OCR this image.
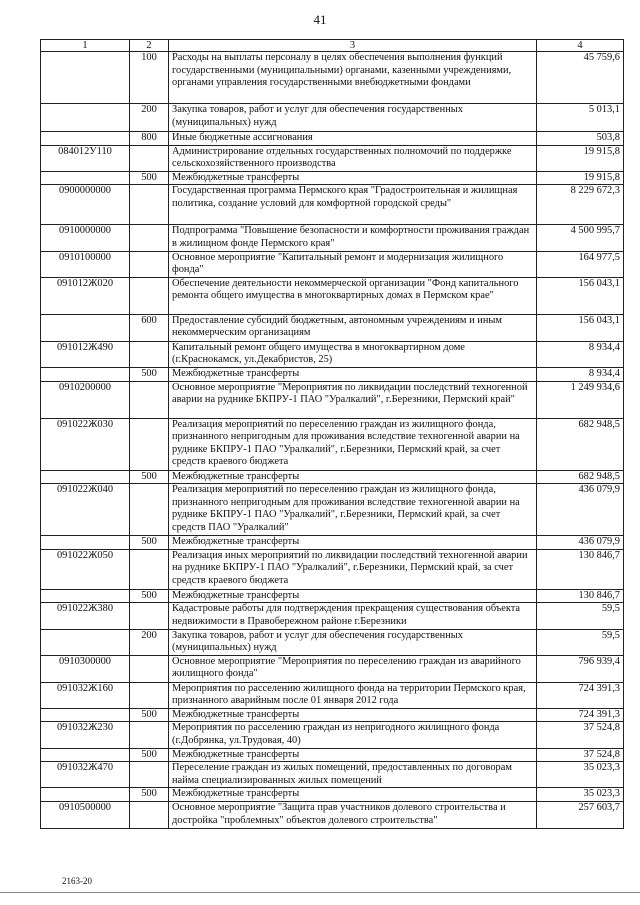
41
1	2	3	4
	100	Расходы на выплаты персоналу в целях обеспечения выполнения функций государственными (муниципальными) органами, казенными учреждениями, органами управления государственными внебюджетными фондами	45 759,6
	200	Закупка товаров, работ и услуг для обеспечения государственных (муниципальных) нужд	5 013,1
	800	Иные бюджетные ассигнования	503,8
084012У110		Администрирование отдельных государственных полномочий по поддержке сельскохозяйственного производства	19 915,8
	500	Межбюджетные трансферты	19 915,8
0900000000		Государственная программа Пермского края "Градостроительная и жилищная политика, создание условий для комфортной городской среды"	8 229 672,3
0910000000		Подпрограмма "Повышение безопасности и комфортности проживания граждан в жилищном фонде Пермского края"	4 500 995,7
0910100000		Основное мероприятие "Капитальный ремонт и модернизация жилищного фонда"	164 977,5
091012Ж020		Обеспечение деятельности некоммерческой организации "Фонд капитального ремонта общего имущества в многоквартирных домах в Пермском крае"	156 043,1
	600	Предоставление субсидий бюджетным, автономным учреждениям и иным некоммерческим организациям	156 043,1
091012Ж490		Капитальный ремонт общего имущества в многоквартирном доме (г.Краснокамск, ул.Декабристов, 25)	8 934,4
	500	Межбюджетные трансферты	8 934,4
0910200000		Основное мероприятие "Мероприятия по ликвидации последствий техногенной аварии на руднике БКПРУ-1 ПАО "Уралкалий", г.Березники, Пермский край"	1 249 934,6
091022Ж030		Реализация мероприятий по переселению граждан из жилищного фонда, признанного непригодным для проживания вследствие техногенной аварии на руднике БКПРУ-1 ПАО "Уралкалий", г.Березники, Пермский край, за счет средств краевого бюджета	682 948,5
	500	Межбюджетные трансферты	682 948,5
091022Ж040		Реализация мероприятий по переселению граждан из жилищного фонда, признанного непригодным для проживания вследствие техногенной аварии на руднике БКПРУ-1 ПАО "Уралкалий", г.Березники, Пермский край, за счет средств ПАО "Уралкалий"	436 079,9
	500	Межбюджетные трансферты	436 079,9
091022Ж050		Реализация иных мероприятий по ликвидации последствий техногенной аварии на руднике БКПРУ-1 ПАО "Уралкалий", г.Березники, Пермский край, за счет средств краевого бюджета	130 846,7
	500	Межбюджетные трансферты	130 846,7
091022Ж380		Кадастровые работы для подтверждения прекращения существования объекта недвижимости в Правобережном районе г.Березники	59,5
	200	Закупка товаров, работ и услуг для обеспечения государственных (муниципальных) нужд	59,5
0910300000		Основное мероприятие "Мероприятия по переселению граждан из аварийного жилищного фонда"	796 939,4
091032Ж160		Мероприятия по расселению жилищного фонда на территории Пермского края, признанного аварийным после 01 января 2012 года	724 391,3
	500	Межбюджетные трансферты	724 391,3
091032Ж230		Мероприятия по расселению граждан из непригодного жилищного фонда (г.Добрянка, ул.Трудовая, 40)	37 524,8
	500	Межбюджетные трансферты	37 524,8
091032Ж470		Переселение граждан из жилых помещений, предоставленных по договорам найма специализированных жилых помещений	35 023,3
	500	Межбюджетные трансферты	35 023,3
0910500000		Основное мероприятие "Защита прав участников долевого строительства и достройка "проблемных" объектов долевого строительства"	257 603,7
2163-20
